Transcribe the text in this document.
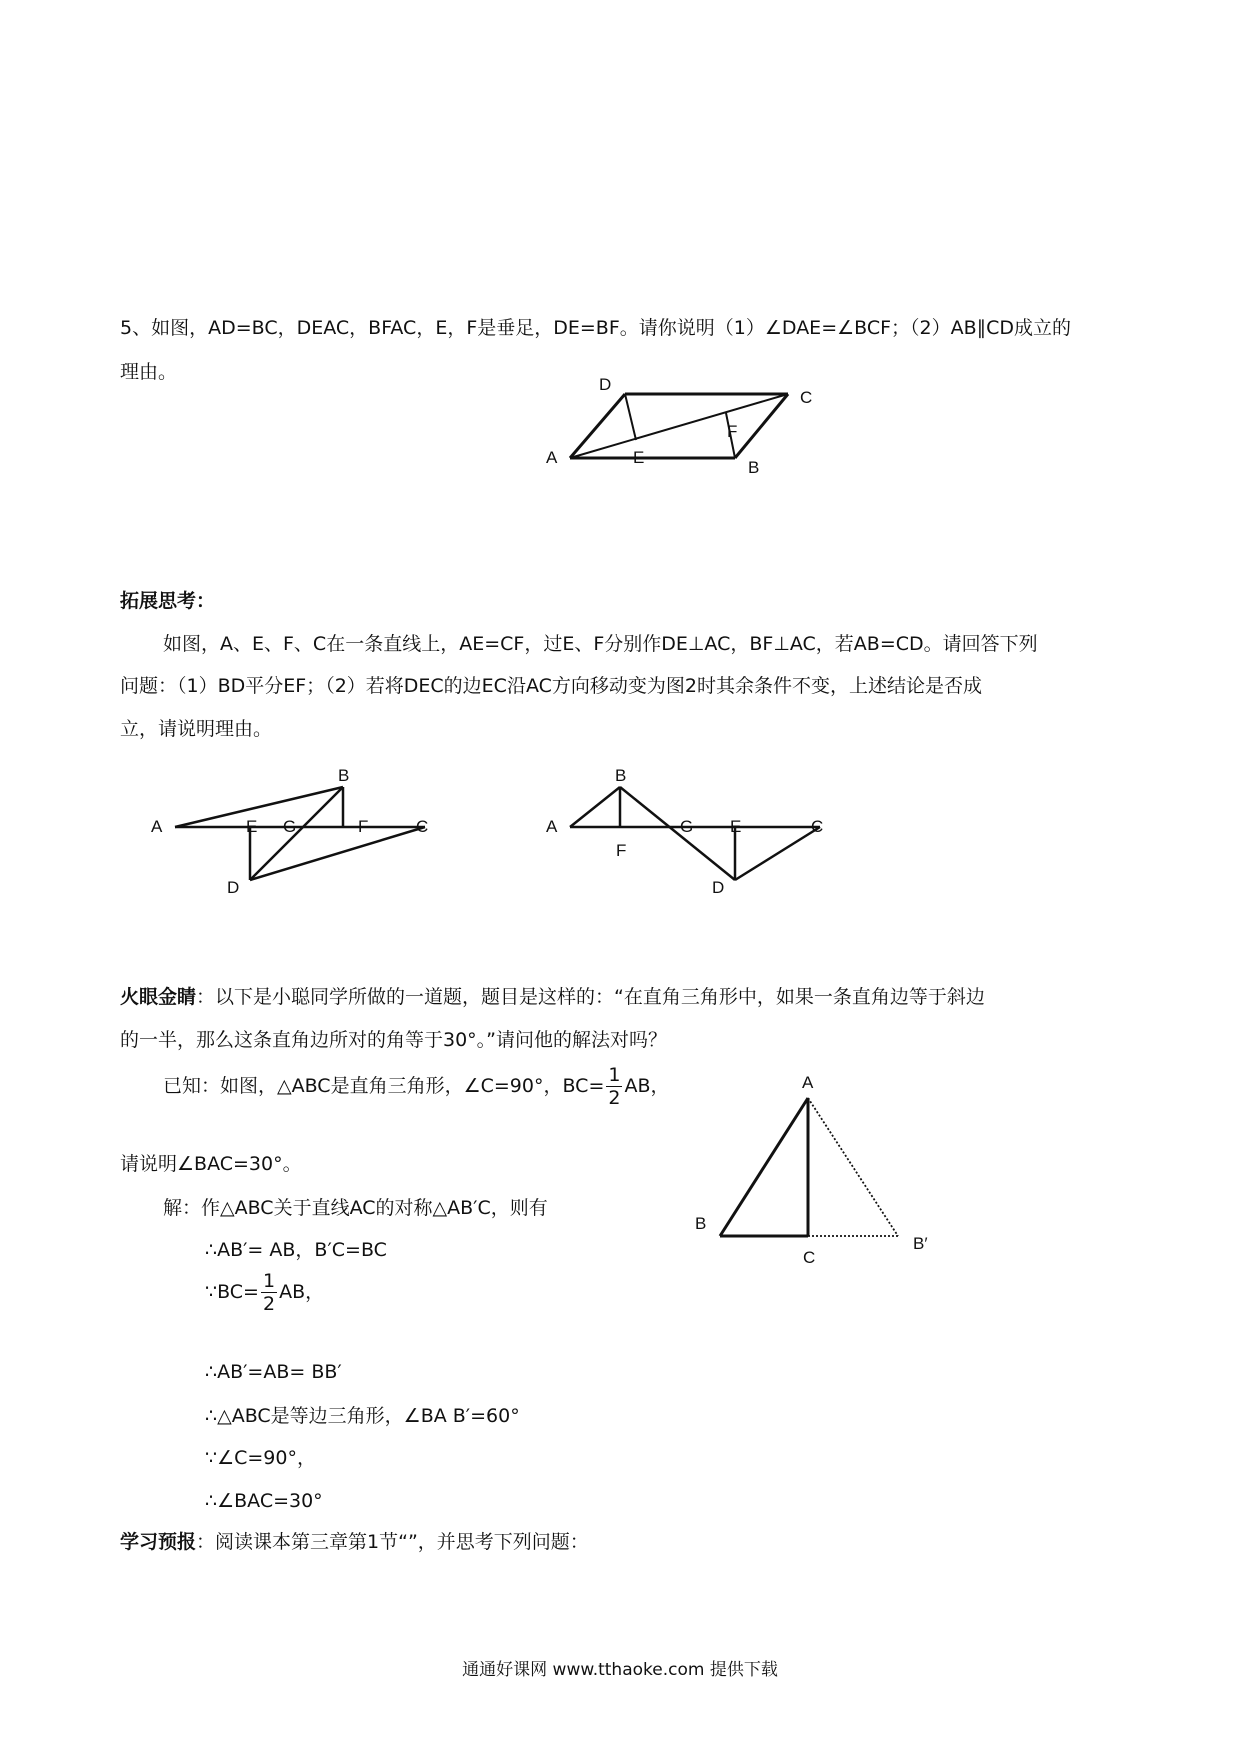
5、如图，AD=BC，DEAC，BFAC，E，F是垂足，DE=BF。请你说明（1）∠DAE=∠BCF；（2）AB∥CD成立的
理由。
D
C
A	E
F
B
拓展思考：
如图，A、E、F、C在一条直线上，AE=CF，过E、F分别作DE⊥AC，BF⊥AC，若AB=CD。请回答下列
问题：（1）BD平分EF；（2）若将DEC的边EC沿AC方向移动变为图2时其余条件不变，上述结论是否成
立，请说明理由。
A	E G
B
F	C
D
A
B
F
G E	C
D
火眼金睛：以下是小聪同学所做的一道题，题目是这样的：“在直角三角形中，如果一条直角边等于斜边
的一半，那么这条直角边所对的角等于30°。”请问他的解法对吗？
已知：如图，△ABC是直角三角形，∠C=90°，$BC= \frac{1}{2}$ AB，
请说明∠BAC=30°。
解：作△ABC关于直线AC的对称△AB′C，则有
∴AB′= AB，B′C=BC
∵BC= $\frac{1}{2}$ AB，
∴AB′=AB= BB′
∴△ABC是等边三角形，∠BA B′=60°
∵∠C=90°，
∴∠BAC=30°
A
B
C
B′
学习预报：阅读课本第三章第1节“”，并思考下列问题：
通通好课网 www.tthaoke.com 提供下载
